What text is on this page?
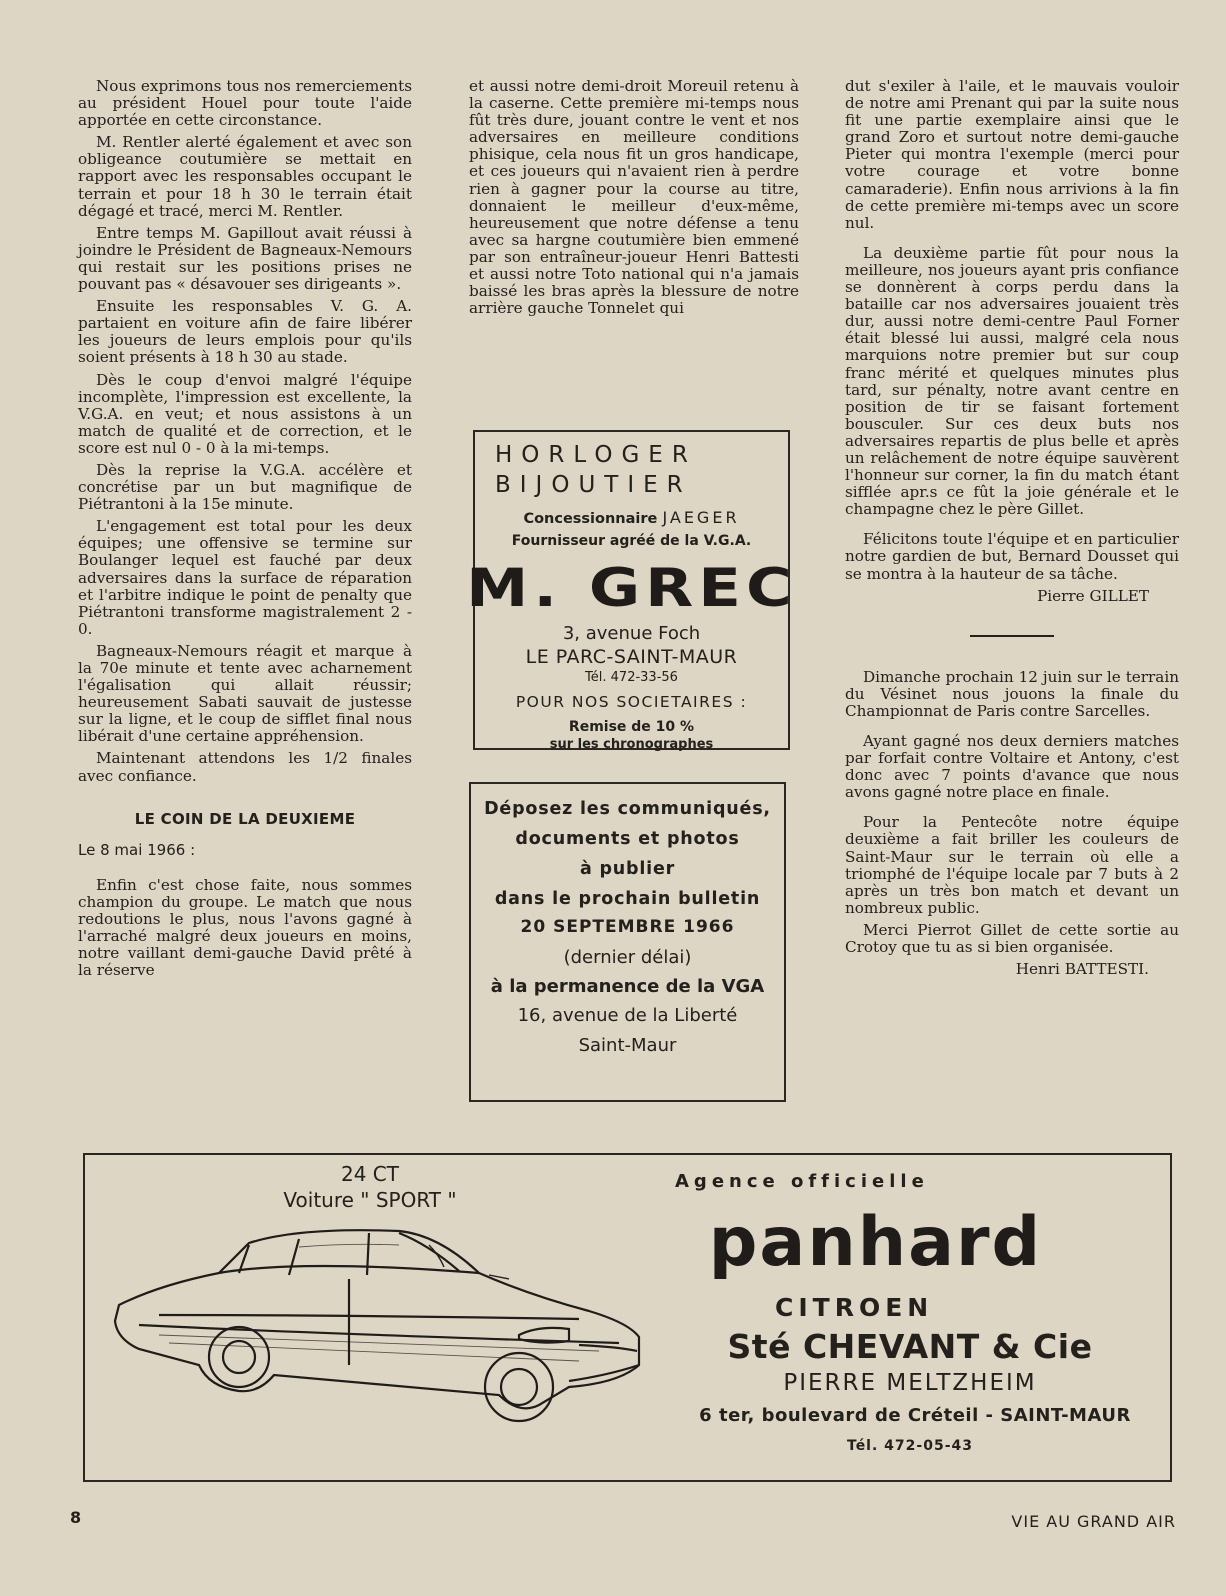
Nous exprimons tous nos remerciements au président Houel pour toute l'aide apportée en cette circonstance.

M. Rentler alerté également et avec son obligeance coutumière se mettait en rapport avec les responsables occupant le terrain et pour 18 h 30 le terrain était dégagé et tracé, merci M. Rentler.

Entre temps M. Gapillout avait réussi à joindre le Président de Bagneaux-Nemours qui restait sur les positions prises ne pouvant pas « désavouer ses dirigeants ».

Ensuite les responsables V. G. A. partaient en voiture afin de faire libérer les joueurs de leurs emplois pour qu'ils soient présents à 18 h 30 au stade.

Dès le coup d'envoi malgré l'équipe incomplète, l'impression est excellente, la V.G.A. en veut; et nous assistons à un match de qualité et de correction, et le score est nul 0 - 0 à la mi-temps.

Dès la reprise la V.G.A. accélère et concrétise par un but magnifique de Piétrantoni à la 15e minute.

L'engagement est total pour les deux équipes; une offensive se termine sur Boulanger lequel est fauché par deux adversaires dans la surface de réparation et l'arbitre indique le point de penalty que Piétrantoni transforme magistralement 2 - 0.

Bagneaux-Nemours réagit et marque à la 70e minute et tente avec acharnement l'égalisation qui allait réussir; heureusement Sabati sauvait de justesse sur la ligne, et le coup de sifflet final nous libérait d'une certaine appréhension.

Maintenant attendons les 1/2 finales avec confiance.

LE COIN DE LA DEUXIEME
Le 8 mai 1966 :

Enfin c'est chose faite, nous sommes champion du groupe. Le match que nous redoutions le plus, nous l'avons gagné à l'arraché malgré deux joueurs en moins, notre vaillant demi-gauche David prêté à la réserve

et aussi notre demi-droit Moreuil retenu à la caserne. Cette première mi-temps nous fût très dure, jouant contre le vent et nos adversaires en meilleure conditions phisique, cela nous fit un gros handicape, et ces joueurs qui n'avaient rien à perdre rien à gagner pour la course au titre, donnaient le meilleur d'eux-même, heureusement que notre défense a tenu avec sa hargne coutumière bien emmené par son entraîneur-joueur Henri Battesti et aussi notre Toto national qui n'a jamais baissé les bras après la blessure de notre arrière gauche Tonnelet qui

dut s'exiler à l'aile, et le mauvais vouloir de notre ami Prenant qui par la suite nous fit une partie exemplaire ainsi que le grand Zoro et surtout notre demi-gauche Pieter qui montra l'exemple (merci pour votre courage et votre bonne camaraderie). Enfin nous arrivions à la fin de cette première mi-temps avec un score nul.

La deuxième partie fût pour nous la meilleure, nos joueurs ayant pris confiance se donnèrent à corps perdu dans la bataille car nos adversaires jouaient très dur, aussi notre demi-centre Paul Forner était blessé lui aussi, malgré cela nous marquions notre premier but sur coup franc mérité et quelques minutes plus tard, sur pénalty, notre avant centre en position de tir se faisant fortement bousculer. Sur ces deux buts nos adversaires repartis de plus belle et après un relâchement de notre équipe sauvèrent l'honneur sur corner, la fin du match étant sifflée apr.s ce fût la joie générale et le champagne chez le père Gillet.

Félicitons toute l'équipe et en particulier notre gardien de but, Bernard Dousset qui se montra à la hauteur de sa tâche.

Pierre GILLET

Dimanche prochain 12 juin sur le terrain du Vésinet nous jouons la finale du Championnat de Paris contre Sarcelles.

Ayant gagné nos deux derniers matches par forfait contre Voltaire et Antony, c'est donc avec 7 points d'avance que nous avons gagné notre place en finale.

Pour la Pentecôte notre équipe deuxième a fait briller les couleurs de Saint-Maur sur le terrain où elle a triomphé de l'équipe locale par 7 buts à 2 après un très bon match et devant un nombreux public.

Merci Pierrot Gillet de cette sortie au Crotoy que tu as si bien organisée.

Henri BATTESTI.
HORLOGER
BIJOUTIER
Concessionnaire JAEGER
Fournisseur agréé de la V.G.A.
M. GREC
3, avenue Foch
LE PARC-SAINT-MAUR
Tél. 472-33-56
POUR NOS SOCIETAIRES :
Remise de 10 %
sur les chronographes
Déposez les communiqués,
documents et photos
à publier
dans le prochain bulletin
20 SEPTEMBRE 1966
(dernier délai)
à la permanence de la VGA
16, avenue de la Liberté
Saint-Maur
24 CT
Voiture " SPORT "
Agence officielle
panhard
CITROEN
Sté CHEVANT & Cie
PIERRE MELTZHEIM
6 ter, boulevard de Créteil - SAINT-MAUR
Tél. 472-05-43
8	VIE AU GRAND AIR
